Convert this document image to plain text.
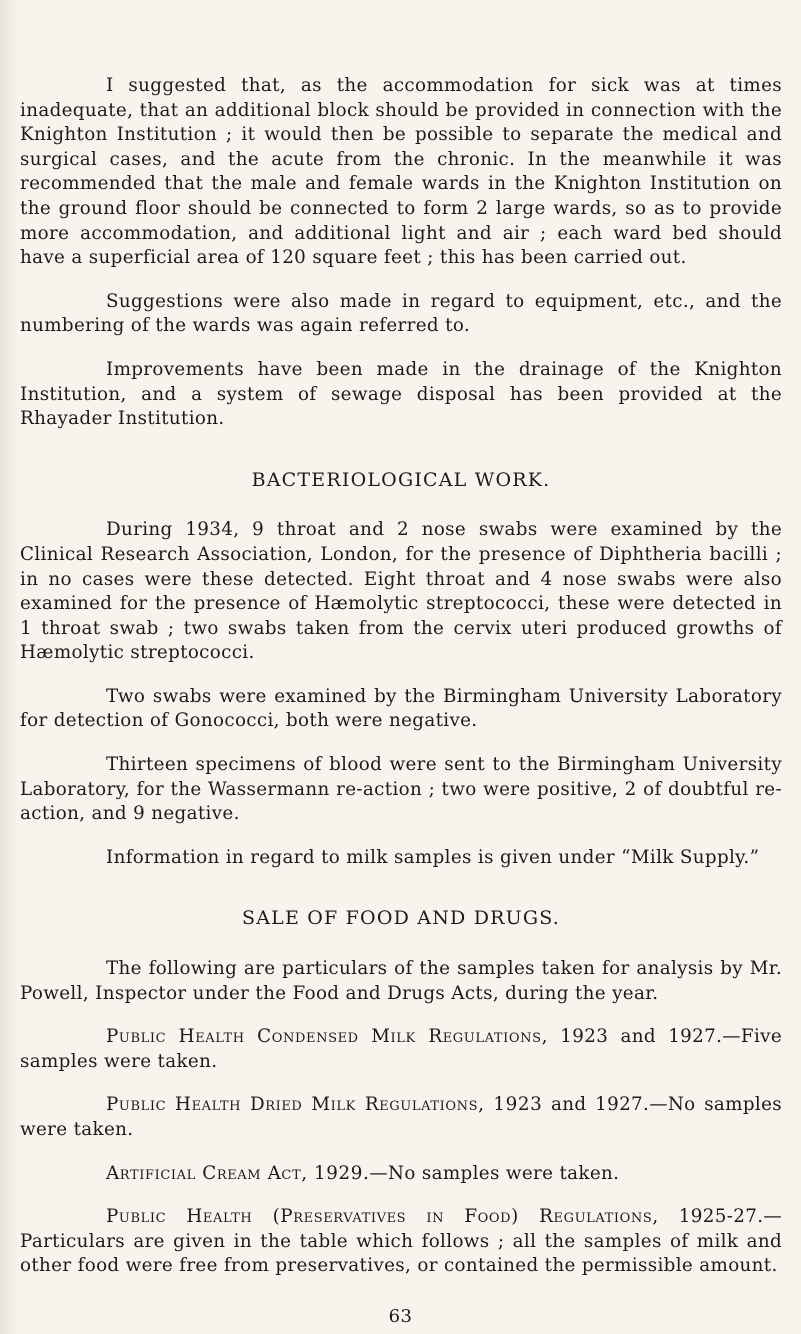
I suggested that, as the accommodation for sick was at times inadequate, that an additional block should be provided in connection with the Knighton Institution ; it would then be possible to separate the medical and surgical cases, and the acute from the chronic. In the meanwhile it was recommended that the male and female wards in the Knighton Institution on the ground floor should be connected to form 2 large wards, so as to provide more accommodation, and additional light and air ; each ward bed should have a superficial area of 120 square feet ; this has been carried out.

Suggestions were also made in regard to equipment, etc., and the numbering of the wards was again referred to.

Improvements have been made in the drainage of the Knighton Institution, and a system of sewage disposal has been provided at the Rhayader Institution.

BACTERIOLOGICAL WORK.

During 1934, 9 throat and 2 nose swabs were examined by the Clinical Research Association, London, for the presence of Diphtheria bacilli ; in no cases were these detected. Eight throat and 4 nose swabs were also examined for the presence of Hæmolytic streptococci, these were detected in 1 throat swab ; two swabs taken from the cervix uteri produced growths of Hæmolytic streptococci.

Two swabs were examined by the Birmingham University Laboratory for detection of Gonococci, both were negative.

Thirteen specimens of blood were sent to the Birmingham University Laboratory, for the Wassermann re-action ; two were positive, 2 of doubtful re-action, and 9 negative.

Information in regard to milk samples is given under “Milk Supply.”

SALE OF FOOD AND DRUGS.

The following are particulars of the samples taken for analysis by Mr. Powell, Inspector under the Food and Drugs Acts, during the year.

Public Health Condensed Milk Regulations, 1923 and 1927.—Five samples were taken.

Public Health Dried Milk Regulations, 1923 and 1927.—No samples were taken.

Artificial Cream Act, 1929.—No samples were taken.

Public Health (Preservatives in Food) Regulations, 1925-27.—Particulars are given in the table which follows ; all the samples of milk and other food were free from preservatives, or contained the permissible amount.

63
